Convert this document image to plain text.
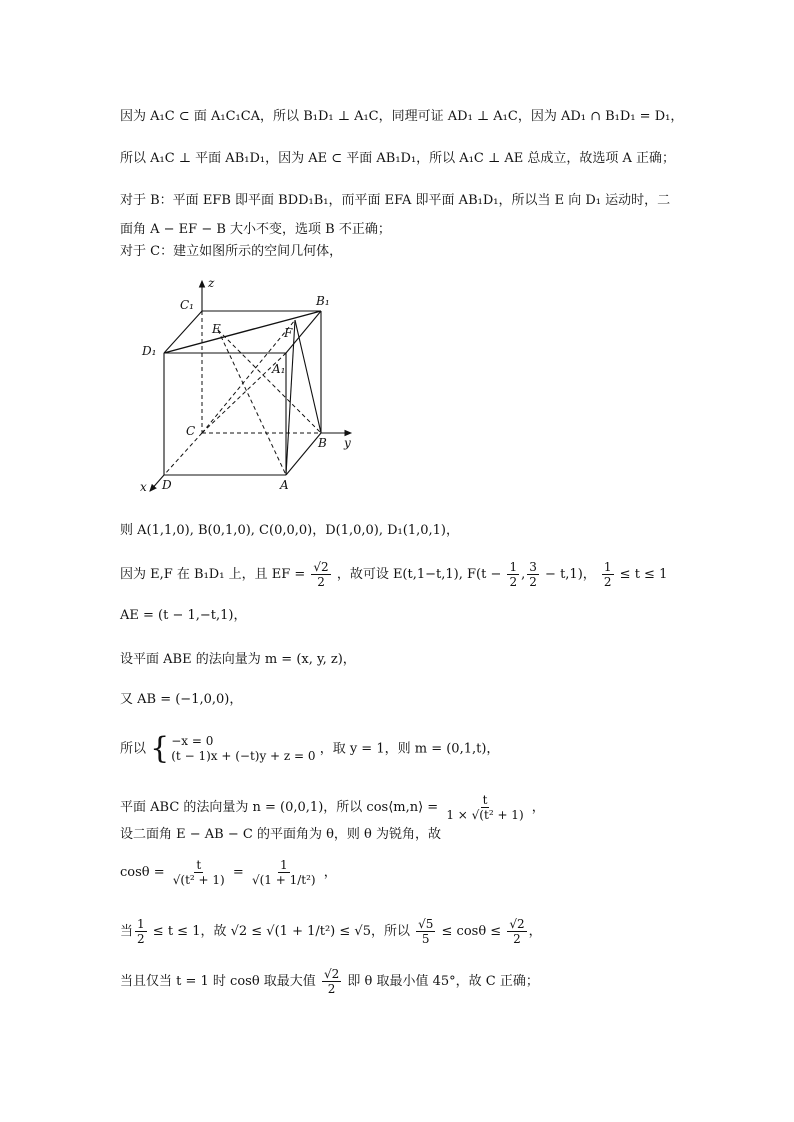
因为 A₁C ⊂ 面 A₁C₁CA，所以 B₁D₁ ⊥ A₁C，同理可证 AD₁ ⊥ A₁C，因为 AD₁ ∩ B₁D₁ = D₁，
所以 A₁C ⊥ 平面 AB₁D₁，因为 AE ⊂ 平面 AB₁D₁，所以 A₁C ⊥ AE 总成立，故选项 A 正确；
对于 B：平面 EFB 即平面 BDD₁B₁，而平面 EFA 即平面 AB₁D₁，所以当 E 向 D₁ 运动时，二
面角 A − EF − B 大小不变，选项 B 不正确；
对于 C：建立如图所示的空间几何体，
z
y
x
C₁	B₁
D₁
A₁
E	F
C
B
D	A
则 A(1,1,0), B(0,1,0), C(0,0,0)，D(1,0,0), D₁(1,0,1)，
因为 E,F 在 B₁D₁ 上，且 EF = $\frac{√2}{2}$ ，故可设 E(t,1−t,1), $F(t - \frac{1}{2}$ , $\frac{3}{2} - t,1$)， $\frac{1}{2} \le t \le 1$
AE = (t − 1,−t,1)，
设平面 ABE 的法向量为 m = (x, y, z)，
又 AB = (−1,0,0)，
所以 { −x = 0
(t − 1)x + (−t)y + z = 0 ，取 y = 1，则 m = (0,1,t)，
平面 ABC 的法向量为 n = (0,0,1)，所以 cos⟨m,n⟩ = $\frac{t}{\text{1 × √(t² + 1)}}$ ，
设二面角 E − AB − C 的平面角为 θ，则 θ 为锐角，故
$\cos\theta = \frac{t}{\text{√(t² + 1)}} = \frac{1}{\text{√(1 + 1/t²)}}$ ，
当 $\frac{1}{2} \le t \le 1$，故 √2 ≤ √(1 + 1/t²) ≤ √5，所以 $\frac{√5}{5} \le \cos\theta \le \frac{√2}{2}$ ，
当且仅当 t = 1 时 cosθ 取最大值 $\frac{√2}{2}$ 即 θ 取最小值 45°，故 C 正确；
